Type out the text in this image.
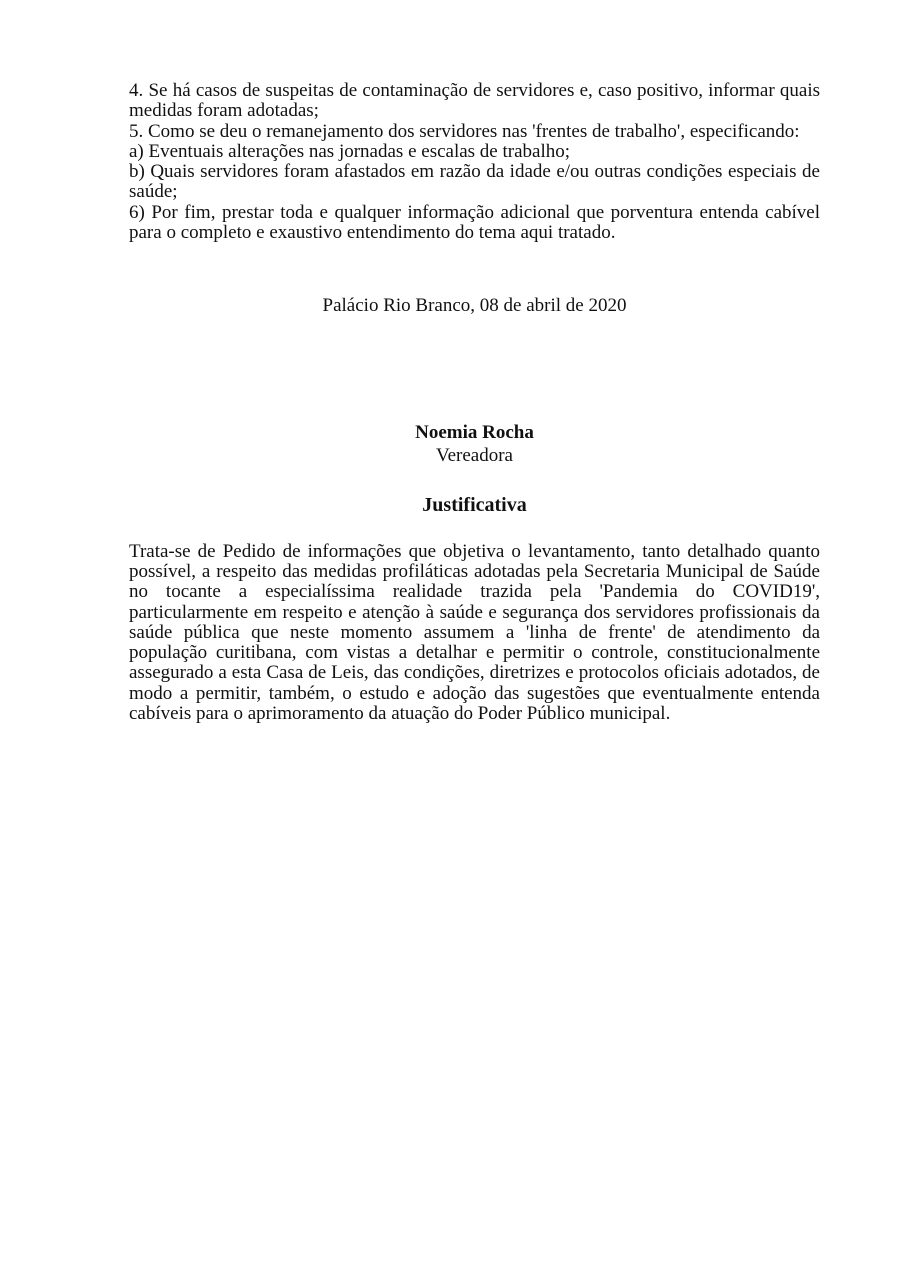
4. Se há casos de suspeitas de contaminação de servidores e, caso positivo, informar quais medidas foram adotadas;

5. Como se deu o remanejamento dos servidores nas 'frentes de trabalho', especificando:

a) Eventuais alterações nas jornadas e escalas de trabalho;

b) Quais servidores foram afastados em razão da idade e/ou outras condições especiais de saúde;

6) Por fim, prestar toda e qualquer informação adicional que porventura entenda cabível para o completo e exaustivo entendimento do tema aqui tratado.

Palácio Rio Branco, 08 de abril de 2020

Noemia Rocha

Vereadora

Justificativa

Trata-se de Pedido de informações que objetiva o levantamento, tanto detalhado quanto possível, a respeito das medidas profiláticas adotadas pela Secretaria Municipal de Saúde no tocante a especialíssima realidade trazida pela 'Pandemia do COVID19', particularmente em respeito e atenção à saúde e segurança dos servidores profissionais da saúde pública que neste momento assumem a 'linha de frente' de atendimento da população curitibana, com vistas a detalhar e permitir o controle, constitucionalmente assegurado a esta Casa de Leis, das condições, diretrizes e protocolos oficiais adotados, de modo a permitir, também, o estudo e adoção das sugestões que eventualmente entenda cabíveis para o aprimoramento da atuação do Poder Público municipal.
